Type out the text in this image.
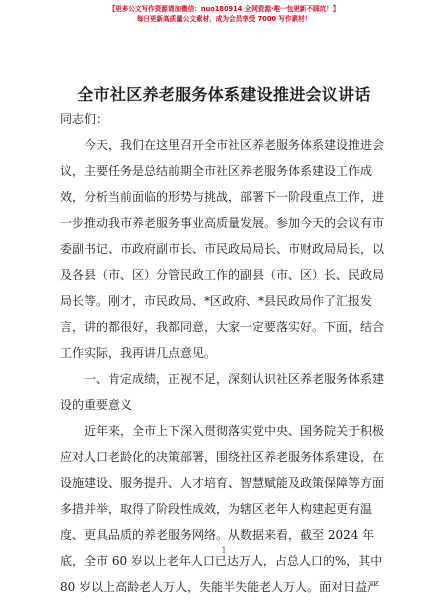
【更多公文写作资源请加微信：nuo180914 全网资源·唯一包更新不踩坑！】
每日更新高质量公文素材，成为会员享受 7000 写作素材！
全市社区养老服务体系建设推进会议讲话

同志们：

今天，我们在这里召开全市社区养老服务体系建设推进会

议，主要任务是总结前期全市社区养老服务体系建设工作成

效，分析当前面临的形势与挑战，部署下一阶段重点工作，进

一步推动我市养老服务事业高质量发展。参加今天的会议有市

委副书记、市政府副市长、市民政局局长、市财政局局长，以

及各县（市、区）分管民政工作的副县（市、区）长、民政局

局长等。刚才，市民政局、*区政府、*县民政局作了汇报发

言，讲的都很好，我都同意，大家一定要落实好。下面，结合

工作实际，我再讲几点意见。

一、肯定成绩，正视不足，深刻认识社区养老服务体系建

设的重要意义

近年来，全市上下深入贯彻落实党中央、国务院关于积极

应对人口老龄化的决策部署，围绕社区养老服务体系建设，在

设施建设、服务提升、人才培育、智慧赋能及政策保障等方面

多措并举，取得了阶段性成效，为辖区老年人构建起更有温

度、更具品质的养老服务网络。从数据来看，截至 2024 年

底，全市 60 岁以上老年人口已达万人，占总人口的%，其中

80 岁以上高龄老人万人，失能半失能老人万人。面对日益严

1
